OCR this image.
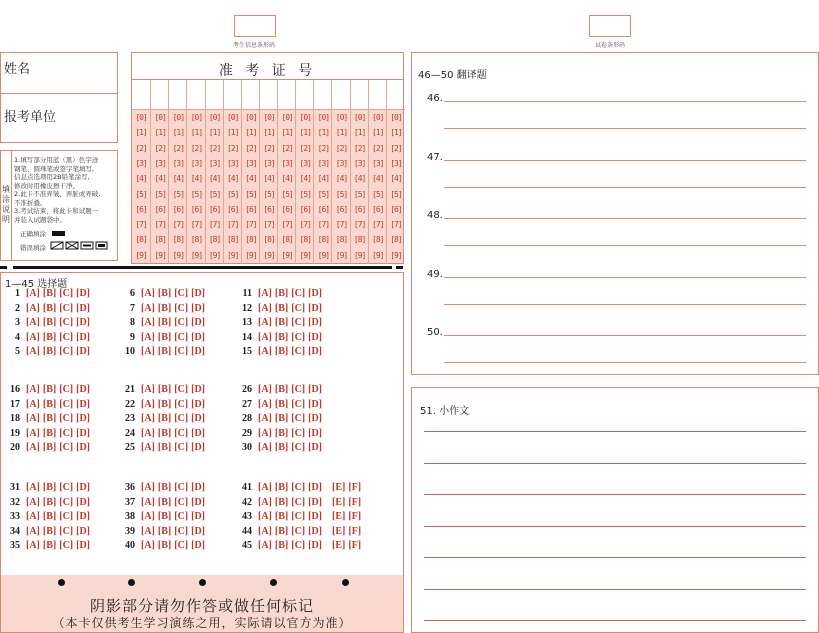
考生信息条形码	试卷条形码
姓名
报考单位
填涂说明
1.填写部分用蓝（黑）色字迹
钢笔、圆珠笔或签字笔填写,
信息点选项用2B铅笔涂写,
修改时用橡皮擦干净。
2.此卡不准弄皱、弄脏或弄破,
不准折叠。
3.考试结束，将此卡和试题一
并装入试题袋中。
正确填涂
错误填涂
准 考 证 号
[0]
[1]
[2]
[3]
[4]
[5]
[6]
[7]
[8]
[9]
[0]
[1]
[2]
[3]
[4]
[5]
[6]
[7]
[8]
[9]
[0]
[1]
[2]
[3]
[4]
[5]
[6]
[7]
[8]
[9]
[0]
[1]
[2]
[3]
[4]
[5]
[6]
[7]
[8]
[9]
[0]
[1]
[2]
[3]
[4]
[5]
[6]
[7]
[8]
[9]
[0]
[1]
[2]
[3]
[4]
[5]
[6]
[7]
[8]
[9]
[0]
[1]
[2]
[3]
[4]
[5]
[6]
[7]
[8]
[9]
[0]
[1]
[2]
[3]
[4]
[5]
[6]
[7]
[8]
[9]
[0]
[1]
[2]
[3]
[4]
[5]
[6]
[7]
[8]
[9]
[0]
[1]
[2]
[3]
[4]
[5]
[6]
[7]
[8]
[9]
[0]
[1]
[2]
[3]
[4]
[5]
[6]
[7]
[8]
[9]
[0]
[1]
[2]
[3]
[4]
[5]
[6]
[7]
[8]
[9]
[0]
[1]
[2]
[3]
[4]
[5]
[6]
[7]
[8]
[9]
[0]
[1]
[2]
[3]
[4]
[5]
[6]
[7]
[8]
[9]
[0]
[1]
[2]
[3]
[4]
[5]
[6]
[7]
[8]
[9]
1—45 选择题
1 [A] [B] [C] [D]
2 [A] [B] [C] [D]
3 [A] [B] [C] [D]
4 [A] [B] [C] [D]
5 [A] [B] [C] [D]
6 [A] [B] [C] [D]
7 [A] [B] [C] [D]
8 [A] [B] [C] [D]
9 [A] [B] [C] [D]
10 [A] [B] [C] [D]
11 [A] [B] [C] [D]
12 [A] [B] [C] [D]
13 [A] [B] [C] [D]
14 [A] [B] [C] [D]
15 [A] [B] [C] [D]
16 [A] [B] [C] [D]
17 [A] [B] [C] [D]
18 [A] [B] [C] [D]
19 [A] [B] [C] [D]
20 [A] [B] [C] [D]
21 [A] [B] [C] [D]
22 [A] [B] [C] [D]
23 [A] [B] [C] [D]
24 [A] [B] [C] [D]
25 [A] [B] [C] [D]
26 [A] [B] [C] [D]
27 [A] [B] [C] [D]
28 [A] [B] [C] [D]
29 [A] [B] [C] [D]
30 [A] [B] [C] [D]
31 [A] [B] [C] [D]
32 [A] [B] [C] [D]
33 [A] [B] [C] [D]
34 [A] [B] [C] [D]
35 [A] [B] [C] [D]
36 [A] [B] [C] [D]
37 [A] [B] [C] [D]
38 [A] [B] [C] [D]
39 [A] [B] [C] [D]
40 [A] [B] [C] [D]
41 [A] [B] [C] [D] [E] [F]
42 [A] [B] [C] [D] [E] [F]
43 [A] [B] [C] [D] [E] [F]
44 [A] [B] [C] [D] [E] [F]
45 [A] [B] [C] [D] [E] [F]
阴影部分请勿作答或做任何标记
（本卡仅供考生学习演练之用，实际请以官方为准）
46—50 翻译题
46.
47.
48.
49.
50.
51. 小作文
